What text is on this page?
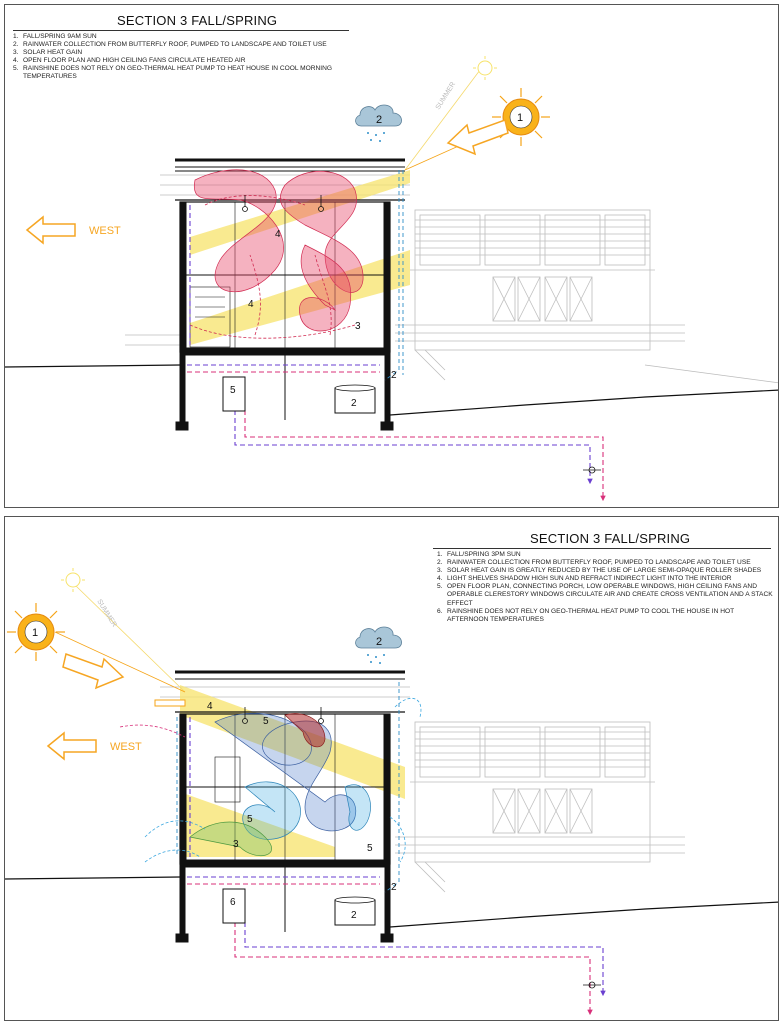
SECTION 3 FALL/SPRING
1. FALL/SPRING 9AM SUN
2. RAINWATER COLLECTION FROM BUTTERFLY ROOF, PUMPED TO LANDSCAPE AND TOILET USE
3. SOLAR HEAT GAIN
4. OPEN FLOOR PLAN AND HIGH CEILING FANS CIRCULATE HEATED AIR
5. RAINSHINE DOES NOT RELY ON GEO-THERMAL HEAT PUMP TO HEAT HOUSE IN COOL MORNING TEMPERATURES
2
2
5
4
4
3
WEST
1
SUMMER
2
SECTION 3 FALL/SPRING
1. FALL/SPRING 3PM SUN
2. RAINWATER COLLECTION FROM BUTTERFLY ROOF, PUMPED TO LANDSCAPE AND TOILET USE
3. SOLAR HEAT GAIN IS GREATLY REDUCED BY THE USE OF LARGE SEMI-OPAQUE ROLLER SHADES
4. LIGHT SHELVES SHADOW HIGH SUN AND REFRACT INDIRECT LIGHT INTO THE INTERIOR
5. OPEN FLOOR PLAN, CONNECTING PORCH, LOW OPERABLE WINDOWS, HIGH CEILING FANS AND OPERABLE CLERESTORY WINDOWS CIRCULATE AIR AND CREATE CROSS VENTILATION AND A STACK EFFECT
6. RAINSHINE DOES NOT RELY ON GEO-THERMAL HEAT PUMP TO COOL THE HOUSE IN HOT AFTERNOON TEMPERATURES
2
2
6
4
5
5
5
3
WEST
1
SUMMER
2
